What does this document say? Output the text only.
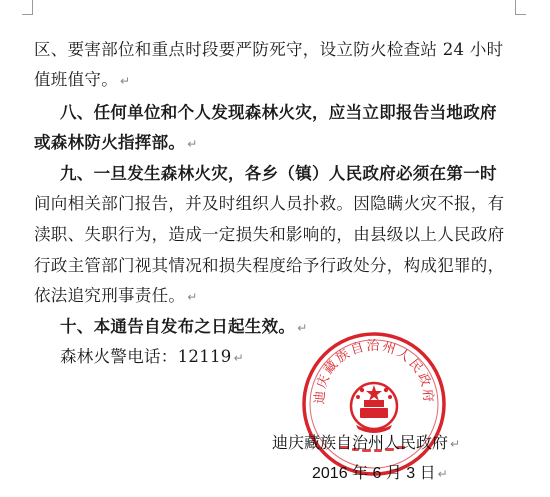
区、要害部位和重点时段要严防死守，设立防火检查站 24 小时
值班值守。 ↵
八、任何单位和个人发现森林火灾，应当立即报告当地政府
或森林防火指挥部。 ↵
九、一旦发生森林火灾，各乡（镇）人民政府必须在第一时
间向相关部门报告，并及时组织人员扑救。因隐瞒火灾不报，有
渎职、失职行为，造成一定损失和影响的，由县级以上人民政府
行政主管部门视其情况和损失程度给予行政处分，构成犯罪的，
依法追究刑事责任。 ↵
十、本通告自发布之日起生效。 ↵
森林火警电话：12119 ↵
迪庆藏族自治州人民政府
迪庆藏族自治州人民政府 ↵
2016 年 6 月 3 日 ↵
